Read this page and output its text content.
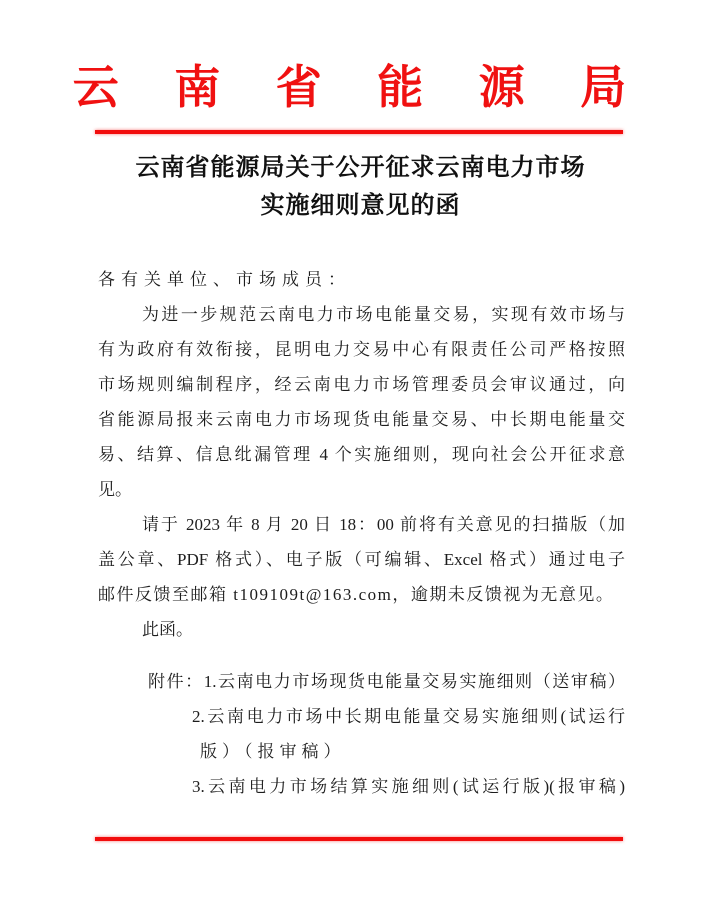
云 南 省 能 源 局
云南省能源局关于公开征求云南电力市场
实施细则意见的函
各有关单位、市场成员：
为进一步规范云南电力市场电能量交易，实现有效市场与
有为政府有效衔接，昆明电力交易中心有限责任公司严格按照
市场规则编制程序，经云南电力市场管理委员会审议通过，向
省能源局报来云南电力市场现货电能量交易、中长期电能量交
易、结算、信息纰漏管理 4 个实施细则，现向社会公开征求意
见。
请于 2023 年 8 月 20 日 18：00 前将有关意见的扫描版（加
盖公章、PDF 格式）、电子版（可编辑、Excel 格式）通过电子
邮件反馈至邮箱 t109109t@163.com，逾期未反馈视为无意见。
此函。
附件：1.云南电力市场现货电能量交易实施细则（送审稿）
2.云南电力市场中长期电能量交易实施细则(试运行
版）（报审稿）
3.云南电力市场结算实施细则(试运行版)(报审稿)
